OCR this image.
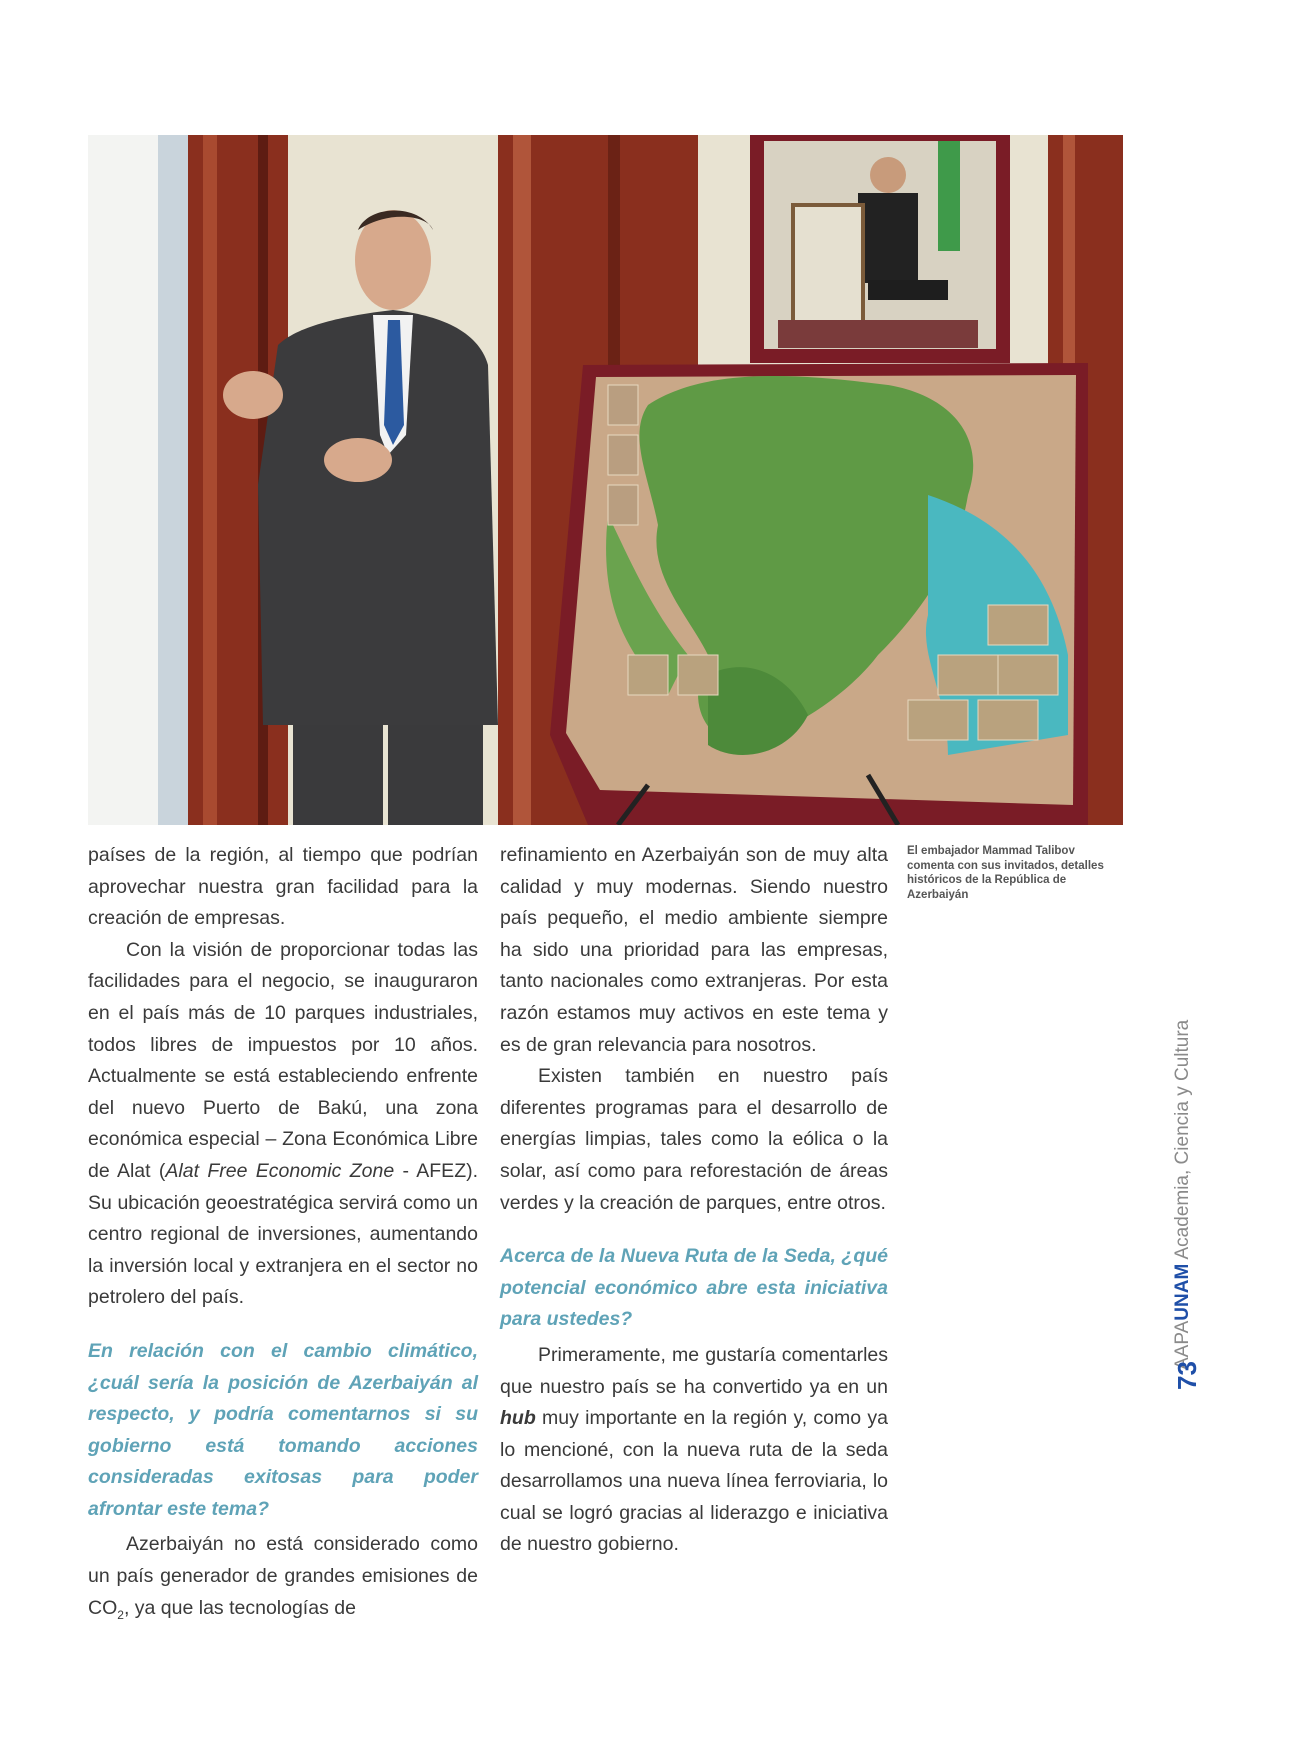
El embajador Mammad Talibov comenta con sus invitados, detalles históricos de la República de Azerbaiyán

países de la región, al tiempo que podrían aprovechar nuestra gran facilidad para la creación de empresas.

Con la visión de proporcionar todas las facilidades para el negocio, se inauguraron en el país más de 10 parques industriales, todos libres de impuestos por 10 años. Actualmente se está estableciendo enfrente del nuevo Puerto de Bakú, una zona económica especial – Zona Económica Libre de Alat (Alat Free Economic Zone - AFEZ). Su ubicación geoestratégica servirá como un centro regional de inversiones, aumentando la inversión local y extranjera en el sector no petrolero del país.

En relación con el cambio climático, ¿cuál sería la posición de Azerbaiyán al respecto, y podría comentarnos si su gobierno está tomando acciones consideradas exitosas para poder afrontar este tema?

Azerbaiyán no está considerado como un país generador de grandes emisiones de $CO_2$, ya que las tecnologías de

refinamiento en Azerbaiyán son de muy alta calidad y muy modernas. Siendo nuestro país pequeño, el medio ambiente siempre ha sido una prioridad para las empresas, tanto nacionales como extranjeras. Por esta razón estamos muy activos en este tema y es de gran relevancia para nosotros.

Existen también en nuestro país diferentes programas para el desarrollo de energías limpias, tales como la eólica o la solar, así como para reforestación de áreas verdes y la creación de parques, entre otros.

Acerca de la Nueva Ruta de la Seda, ¿qué potencial económico abre esta iniciativa para ustedes?

Primeramente, me gustaría comentarles que nuestro país se ha convertido ya en un hub muy importante en la región y, como ya lo mencioné, con la nueva ruta de la seda desarrollamos una nueva línea ferroviaria, lo cual se logró gracias al liderazgo e iniciativa de nuestro gobierno.

AAPAUNAM Academia, Ciencia y Cultura
73
